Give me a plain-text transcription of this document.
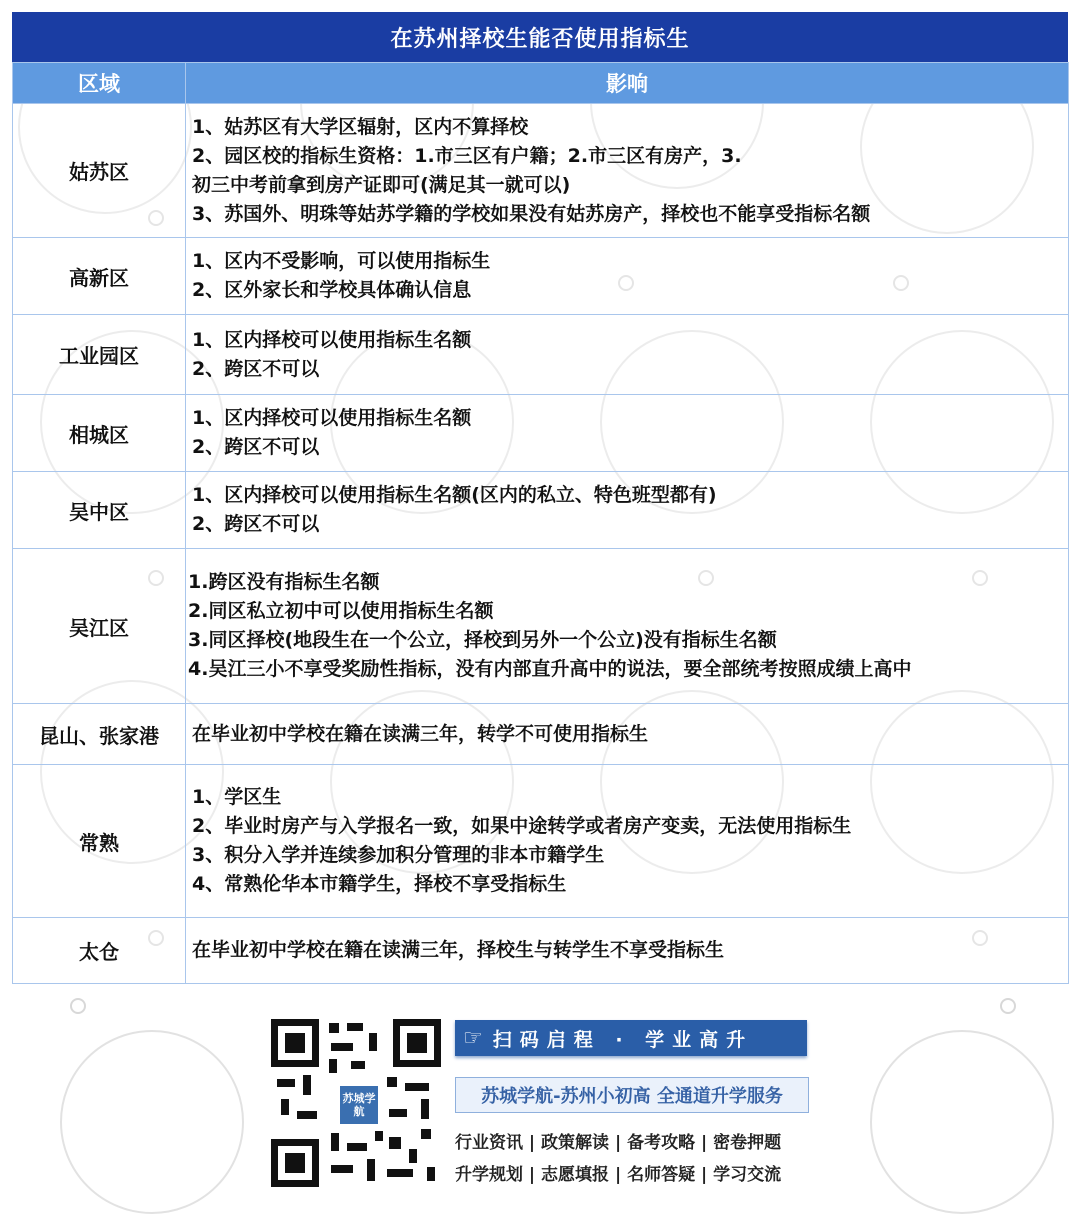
在苏州择校生能否使用指标生
区域	影响
姑苏区	1、姑苏区有大学区辐射，区内不算择校
2、园区校的指标生资格：1.市三区有户籍；2.市三区有房产，3.初三中考前拿到房产证即可(满足其一就可以)
3、苏国外、明珠等姑苏学籍的学校如果没有姑苏房产，择校也不能享受指标名额

高新区	1、区内不受影响，可以使用指标生
2、区外家长和学校具体确认信息

工业园区	1、区内择校可以使用指标生名额
2、跨区不可以

相城区	1、区内择校可以使用指标生名额
2、跨区不可以

吴中区	1、区内择校可以使用指标生名额(区内的私立、特色班型都有)
2、跨区不可以

吴江区	1.跨区没有指标生名额
2.同区私立初中可以使用指标生名额
3.同区择校(地段生在一个公立，择校到另外一个公立)没有指标生名额
4.吴江三小不享受奖励性指标，没有内部直升高中的说法，要全部统考按照成绩上高中

昆山、张家港	在毕业初中学校在籍在读满三年，转学不可使用指标生

常熟	1、学区生
2、毕业时房产与入学报名一致，如果中途转学或者房产变卖，无法使用指标生
3、积分入学并连续参加积分管理的非本市籍学生
4、常熟伦华本市籍学生，择校不享受指标生

太仓	在毕业初中学校在籍在读满三年，择校生与转学生不享受指标生
苏城学航
☞ 扫码启程 · 学业高升
苏城学航-苏州小初高 全通道升学服务
行业资讯 | 政策解读 | 备考攻略 | 密卷押题
升学规划 | 志愿填报 | 名师答疑 | 学习交流
